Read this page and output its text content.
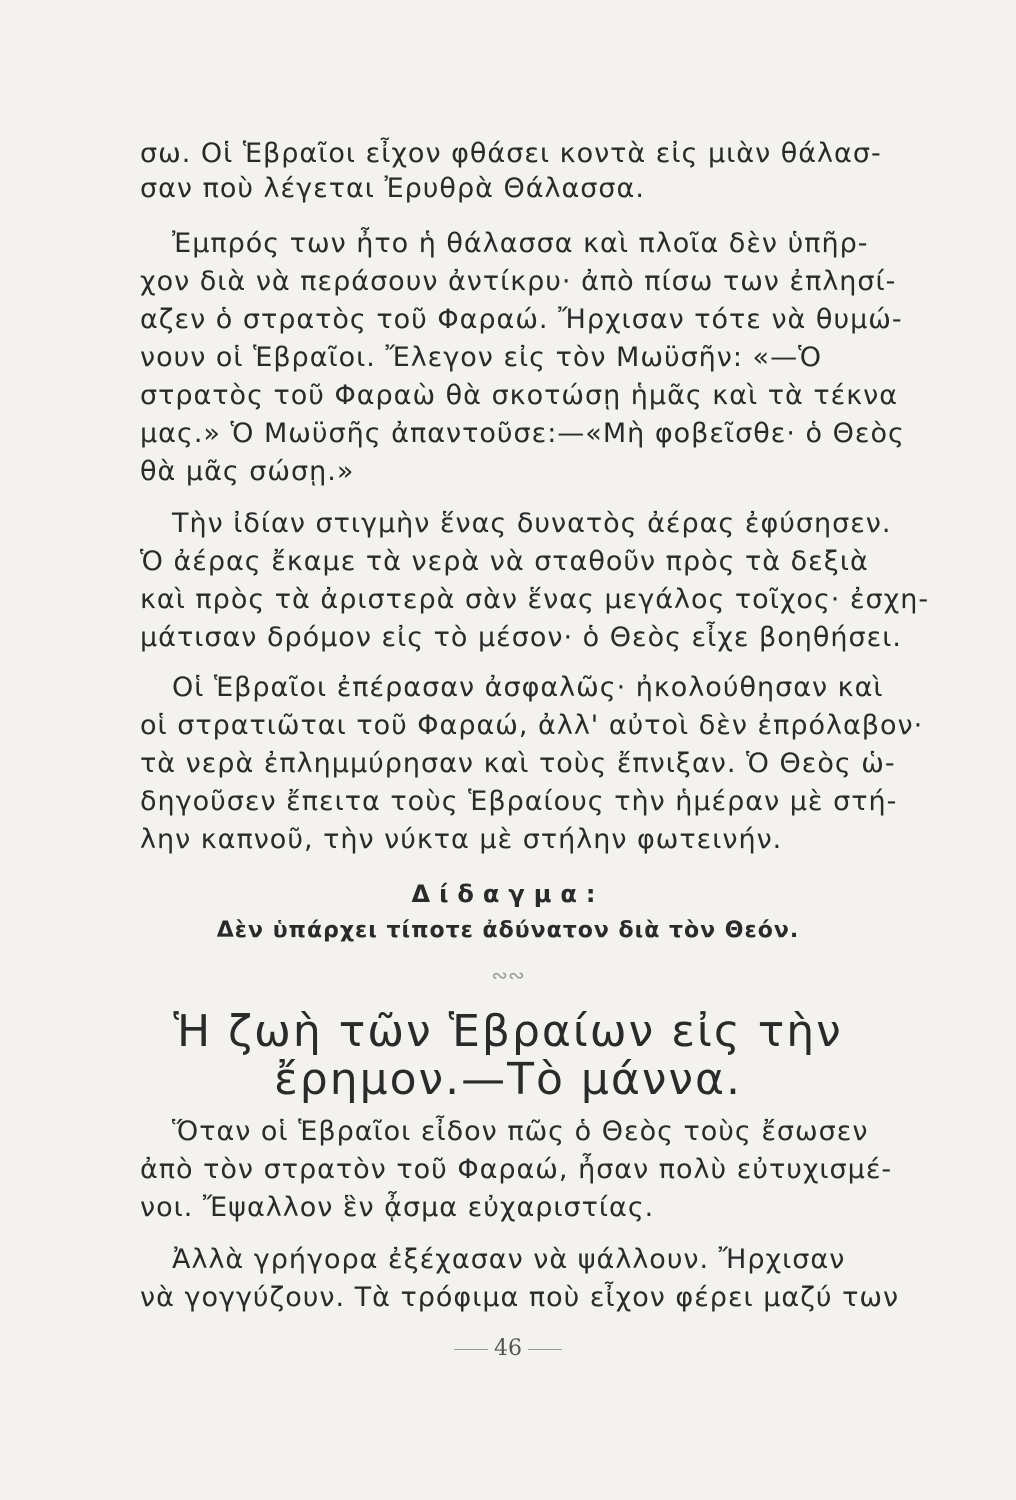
σω. Οἱ Ἑβραῖοι εἶχον φθάσει κοντὰ εἰς μιὰν θάλασ-
σαν ποὺ λέγεται Ἐρυθρὰ Θάλασσα.
Ἐμπρός των ἦτο ἡ θάλασσα καὶ πλοῖα δὲν ὑπῆρ-
χον διὰ νὰ περάσουν ἀντίκρυ· ἀπὸ πίσω των ἐπλησί-
αζεν ὁ στρατὸς τοῦ Φαραώ. Ἤρχισαν τότε νὰ θυμώ-
νουν οἱ Ἑβραῖοι. Ἔλεγον εἰς τὸν Μωϋσῆν: «—Ὁ
στρατὸς τοῦ Φαραὼ θὰ σκοτώσῃ ἡμᾶς καὶ τὰ τέκνα
μας.» Ὁ Μωϋσῆς ἀπαντοῦσε:—«Μὴ φοβεῖσθε· ὁ Θεὸς
θὰ μᾶς σώσῃ.»
Τὴν ἰδίαν στιγμὴν ἕνας δυνατὸς ἀέρας ἐφύσησεν.
Ὁ ἀέρας ἔκαμε τὰ νερὰ νὰ σταθοῦν πρὸς τὰ δεξιὰ
καὶ πρὸς τὰ ἀριστερὰ σὰν ἕνας μεγάλος τοῖχος· ἐσχη-
μάτισαν δρόμον εἰς τὸ μέσον· ὁ Θεὸς εἶχε βοηθήσει.
Οἱ Ἑβραῖοι ἐπέρασαν ἀσφαλῶς· ἠκολούθησαν καὶ
οἱ στρατιῶται τοῦ Φαραώ, ἀλλ' αὐτοὶ δὲν ἐπρόλαβον·
τὰ νερὰ ἐπλημμύρησαν καὶ τοὺς ἔπνιξαν. Ὁ Θεὸς ὡ-
δηγοῦσεν ἔπειτα τοὺς Ἑβραίους τὴν ἡμέραν μὲ στή-
λην καπνοῦ, τὴν νύκτα μὲ στήλην φωτεινήν.
Δίδαγμα:
Δὲν ὑπάρχει τίποτε ἀδύνατον διὰ τὸν Θεόν.
∾∾
Ἡ ζωὴ τῶν Ἑβραίων εἰς τὴν
ἔρημον.—Τὸ μάννα.
Ὅταν οἱ Ἑβραῖοι εἶδον πῶς ὁ Θεὸς τοὺς ἔσωσεν
ἀπὸ τὸν στρατὸν τοῦ Φαραώ, ἦσαν πολὺ εὐτυχισμέ-
νοι. Ἔψαλλον ἓν ᾆσμα εὐχαριστίας.
Ἀλλὰ γρήγορα ἐξέχασαν νὰ ψάλλουν. Ἤρχισαν
νὰ γογγύζουν. Τὰ τρόφιμα ποὺ εἶχον φέρει μαζύ των
46
